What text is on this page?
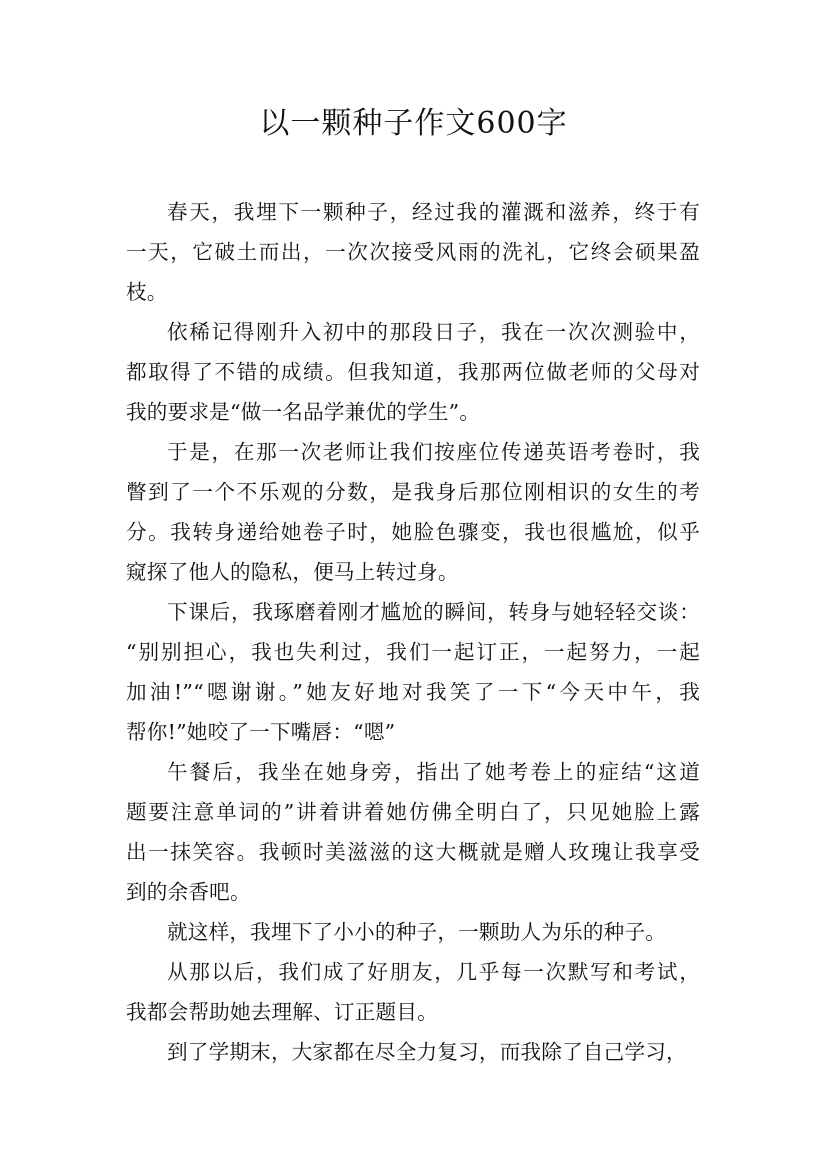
以一颗种子作文600字
春天，我埋下一颗种子，经过我的灌溉和滋养，终于有
一天，它破土而出，一次次接受风雨的洗礼，它终会硕果盈
枝。
依稀记得刚升入初中的那段日子，我在一次次测验中，
都取得了不错的成绩。但我知道，我那两位做老师的父母对
我的要求是“做一名品学兼优的学生”。
于是，在那一次老师让我们按座位传递英语考卷时，我
瞥到了一个不乐观的分数，是我身后那位刚相识的女生的考
分。我转身递给她卷子时，她脸色骤变，我也很尴尬，似乎
窥探了他人的隐私，便马上转过身。
下课后，我琢磨着刚才尴尬的瞬间，转身与她轻轻交谈：
“别别担心，我也失利过，我们一起订正，一起努力，一起
加油!”“嗯谢谢。”她友好地对我笑了一下“今天中午，我
帮你!”她咬了一下嘴唇：“嗯”
午餐后，我坐在她身旁，指出了她考卷上的症结“这道
题要注意单词的”讲着讲着她仿佛全明白了，只见她脸上露
出一抹笑容。我顿时美滋滋的这大概就是赠人玫瑰让我享受
到的余香吧。
就这样，我埋下了小小的种子，一颗助人为乐的种子。
从那以后，我们成了好朋友，几乎每一次默写和考试，
我都会帮助她去理解、订正题目。
到了学期末，大家都在尽全力复习，而我除了自己学习，
